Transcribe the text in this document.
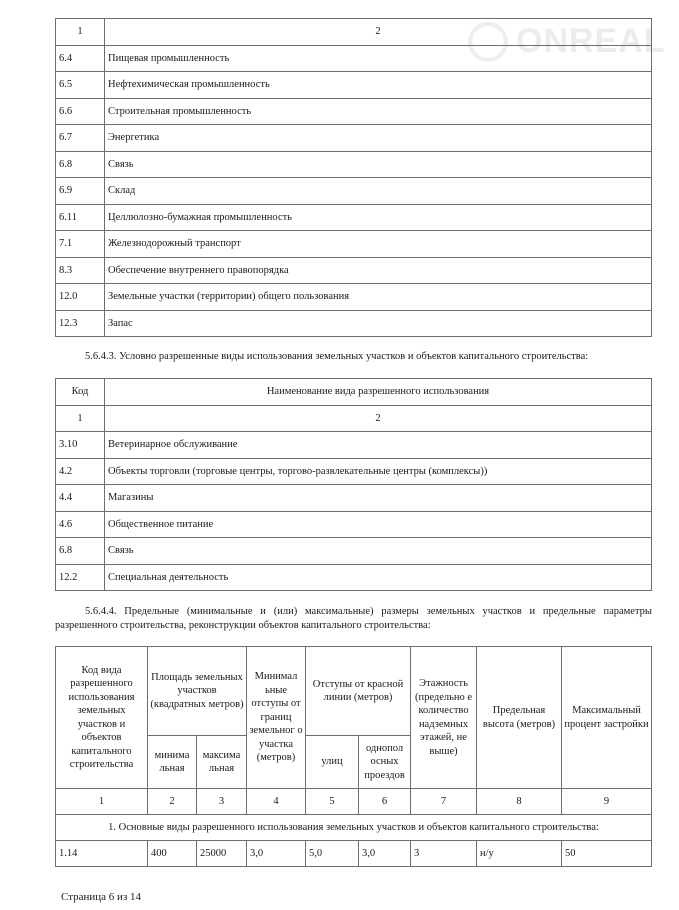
ONREAL
1	2
6.4	Пищевая промышленность
6.5	Нефтехимическая промышленность
6.6	Строительная промышленность
6.7	Энергетика
6.8	Связь
6.9	Склад
6.11	Целлюлозно-бумажная промышленность
7.1	Железнодорожный транспорт
8.3	Обеспечение внутреннего правопорядка
12.0	Земельные участки (территории) общего пользования
12.3	Запас
5.6.4.3. Условно разрешенные виды использования земельных участков и объектов капитального строительства:
Код	Наименование вида разрешенного использования
1	2
3.10	Ветеринарное обслуживание
4.2	Объекты торговли (торговые центры, торгово-развлекательные центры (комплексы))
4.4	Магазины
4.6	Общественное питание
6.8	Связь
12.2	Специальная деятельность
5.6.4.4. Предельные (минимальные и (или) максимальные) размеры земельных участков и предельные параметры разрешенного строительства, реконструкции объектов капитального строительства:
Код вида разрешенного использования земельных участков и объектов капитального строительства	Площадь земельных участков (квадратных метров)		Минимал ьные отступы от границ земельног о участка (метров)	Отступы от красной линии (метров)		Этажность (предельно е количество надземных этажей, не выше)	Предельная высота (метров)	Максимальный процент застройки
	минима льная	максима льная		улиц	однопол осных проездов			
1	2	3	4	5	6	7	8	9
1. Основные виды разрешенного использования земельных участков и объектов капитального строительства:								
1.14	400	25000	3,0	5,0	3,0	3	н/у	50
Страница 6 из 14
